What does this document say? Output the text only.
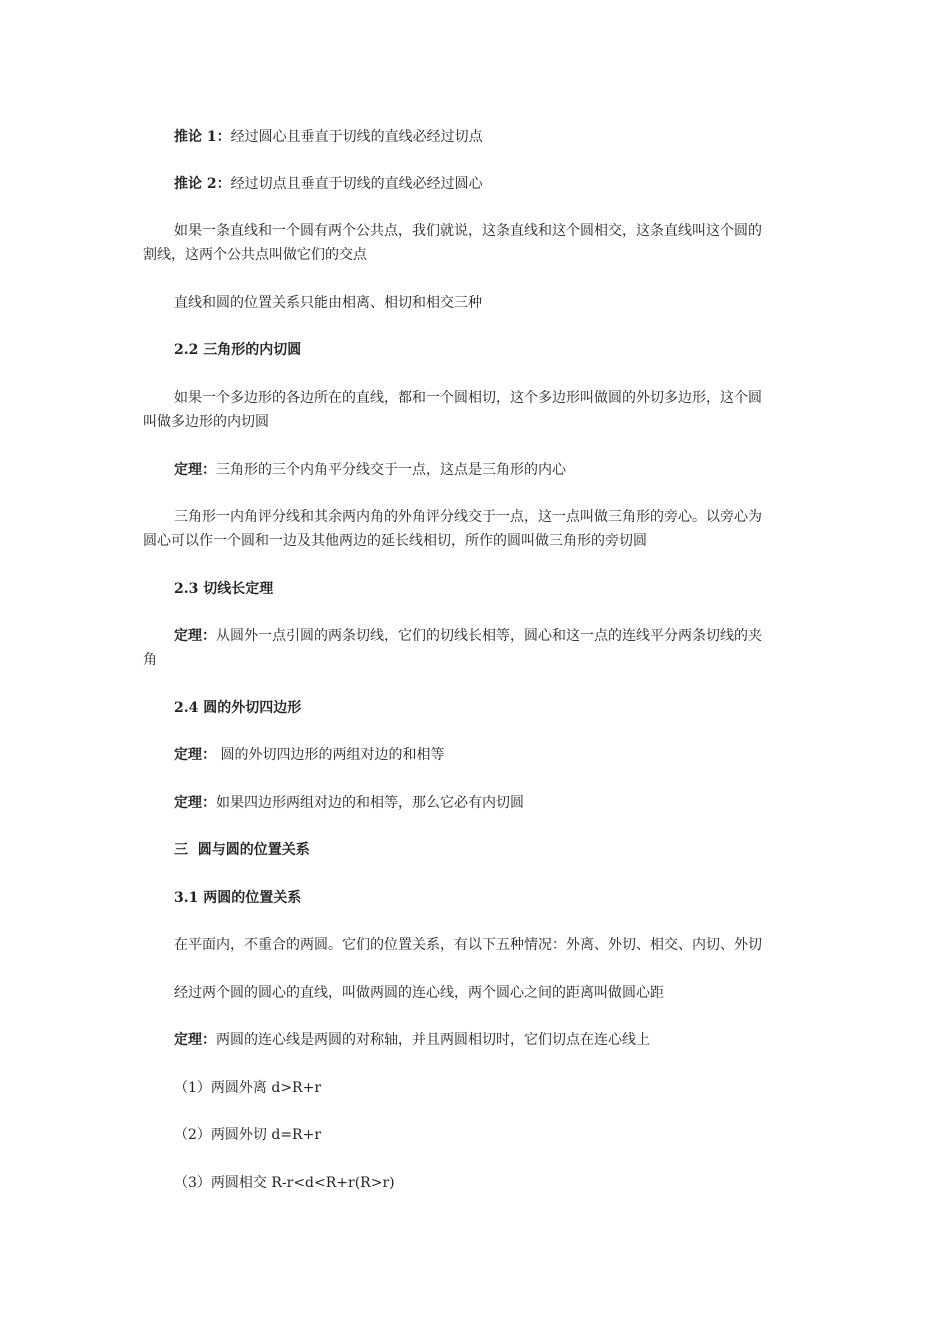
推论 1：经过圆心且垂直于切线的直线必经过切点
推论 2：经过切点且垂直于切线的直线必经过圆心
如果一条直线和一个圆有两个公共点，我们就说，这条直线和这个圆相交，这条直线叫这个圆的
割线，这两个公共点叫做它们的交点
直线和圆的位置关系只能由相离、相切和相交三种
2.2 三角形的内切圆
如果一个多边形的各边所在的直线，都和一个圆相切，这个多边形叫做圆的外切多边形，这个圆
叫做多边形的内切圆
定理：三角形的三个内角平分线交于一点，这点是三角形的内心
三角形一内角评分线和其余两内角的外角评分线交于一点，这一点叫做三角形的旁心。以旁心为
圆心可以作一个圆和一边及其他两边的延长线相切，所作的圆叫做三角形的旁切圆
2.3 切线长定理
定理：从圆外一点引圆的两条切线，它们的切线长相等，圆心和这一点的连线平分两条切线的夹
角
2.4 圆的外切四边形
定理： 圆的外切四边形的两组对边的和相等
定理：如果四边形两组对边的和相等，那么它必有内切圆
三  圆与圆的位置关系
3.1 两圆的位置关系
在平面内，不重合的两圆。它们的位置关系，有以下五种情况：外离、外切、相交、内切、外切
经过两个圆的圆心的直线，叫做两圆的连心线，两个圆心之间的距离叫做圆心距
定理：两圆的连心线是两圆的对称轴，并且两圆相切时，它们切点在连心线上
（1）两圆外离 d>R+r
（2）两圆外切 d=R+r
（3）两圆相交 R-r<d<R+r(R>r)
